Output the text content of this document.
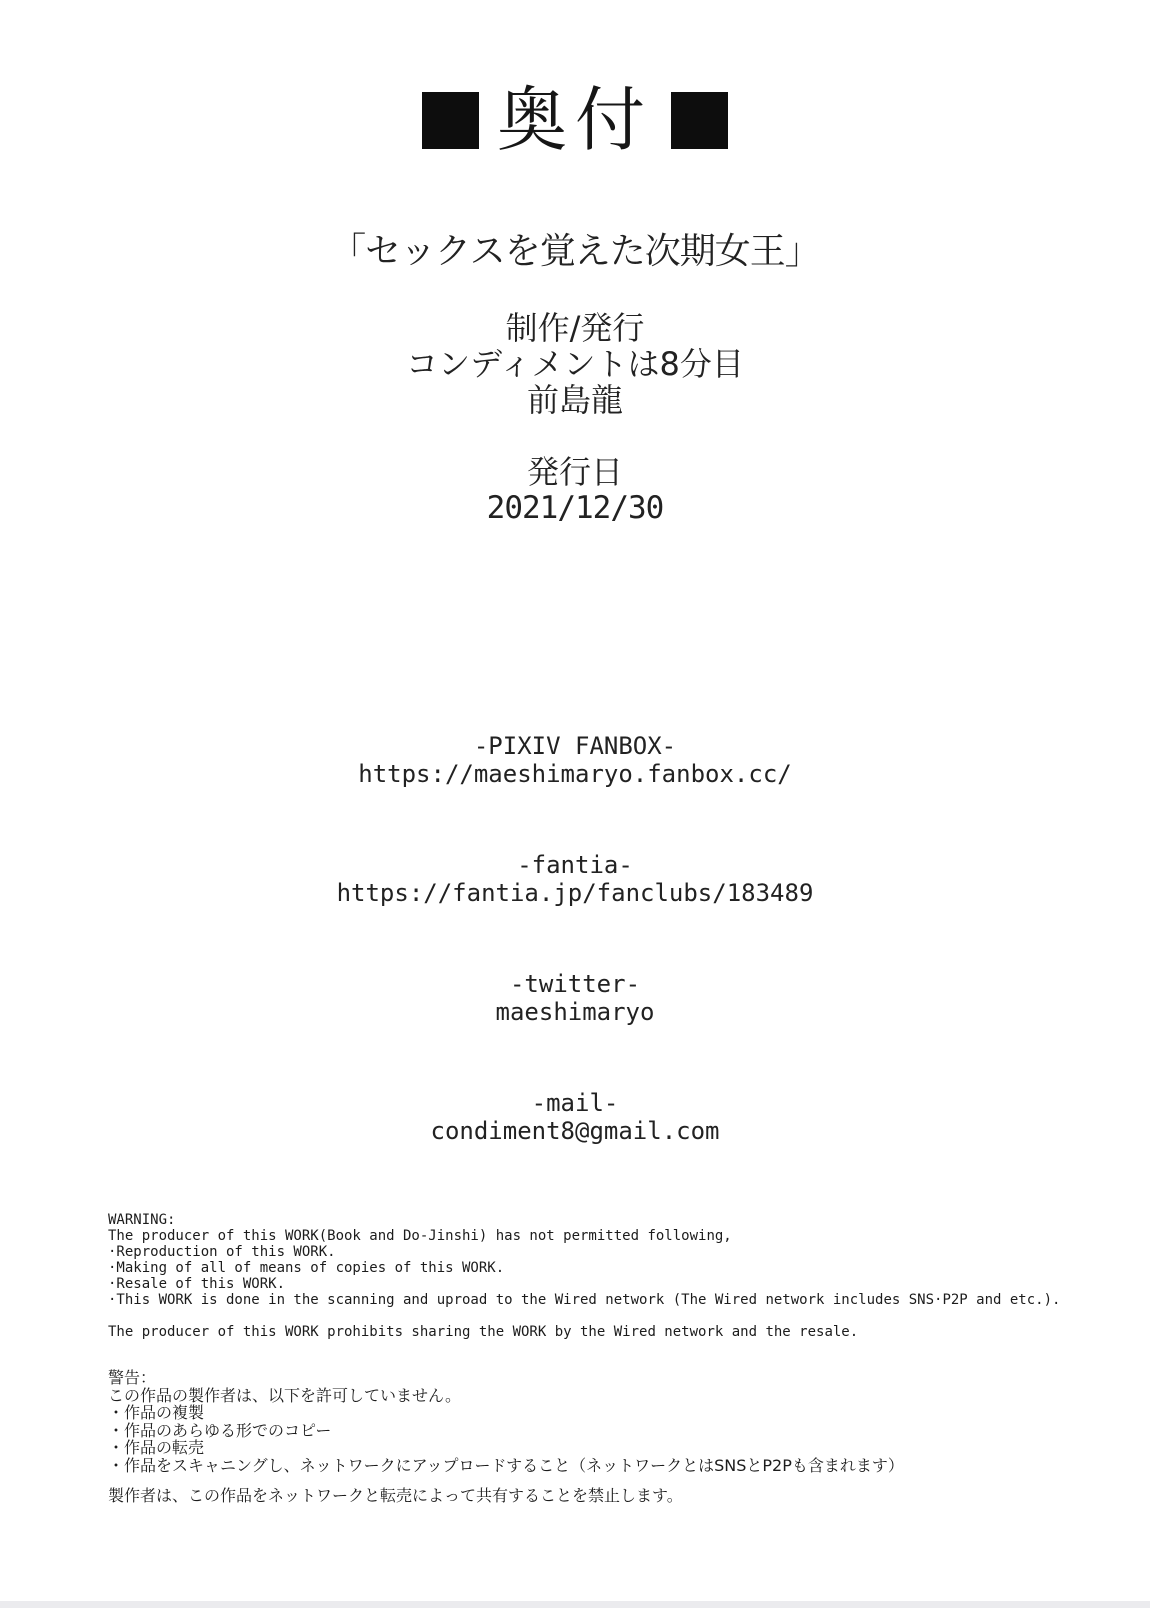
奥付
「セックスを覚えた次期女王」
制作/発行
コンディメントは8分目
前島龍
発行日
2021/12/30
-PIXIV FANBOX-
https://maeshimaryo.fanbox.cc/
-fantia-
https://fantia.jp/fanclubs/183489
-twitter-
maeshimaryo
-mail-
condiment8@gmail.com
WARNING:
The producer of this WORK(Book and Do-Jinshi) has not permitted following,
·Reproduction of this WORK.
·Making of all of means of copies of this WORK.
·Resale of this WORK.
·This WORK is done in the scanning and uproad to the Wired network (The Wired network includes SNS·P2P and etc.).
The producer of this WORK prohibits sharing the WORK by the Wired network and the resale.
警告：
この作品の製作者は、以下を許可していません。
・作品の複製
・作品のあらゆる形でのコピー
・作品の転売
・作品をスキャニングし、ネットワークにアップロードすること（ネットワークとはSNSとP2Pも含まれます）
製作者は、この作品をネットワークと転売によって共有することを禁止します。
